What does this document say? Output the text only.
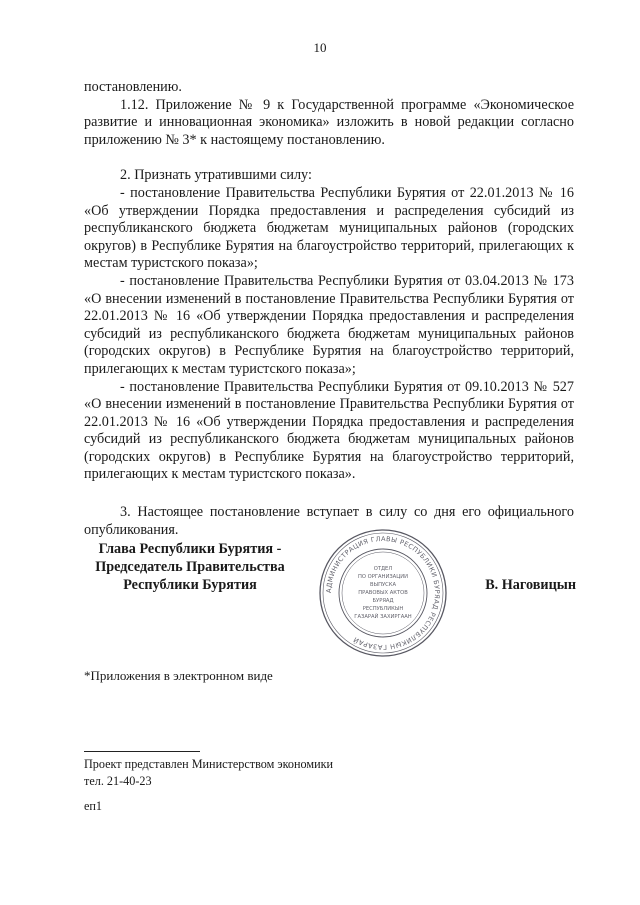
10

постановлению.

1.12. Приложение № 9 к Государственной программе «Экономическое развитие и инновационная экономика» изложить в новой редакции согласно приложению № 3* к настоящему постановлению.

2. Признать утратившими силу:

- постановление Правительства Республики Бурятия от 22.01.2013 № 16 «Об утверждении Порядка предоставления и распределения субсидий из республиканского бюджета бюджетам муниципальных районов (городских округов) в Республике Бурятия на благоустройство территорий, прилегающих к местам туристского показа»;

- постановление Правительства Республики Бурятия от 03.04.2013 № 173 «О внесении изменений в постановление Правительства Республики Бурятия от 22.01.2013 № 16 «Об утверждении Порядка предоставления и распределения субсидий из республиканского бюджета бюджетам муниципальных районов (городских округов) в Республике Бурятия на благоустройство территорий, прилегающих к местам туристского показа»;

- постановление Правительства Республики Бурятия от 09.10.2013 № 527 «О внесении изменений в постановление Правительства Республики Бурятия от 22.01.2013 № 16 «Об утверждении Порядка предоставления и распределения субсидий из республиканского бюджета бюджетам муниципальных районов (городских округов) в Республике Бурятия на благоустройство территорий, прилегающих к местам туристского показа».

3. Настоящее постановление вступает в силу со дня его официального опубликования.

Глава Республики Бурятия -
Председатель Правительства
Республики Бурятия	АДМИНИСТРАЦИЯ ГЛАВЫ РЕСПУБЛИКИ БУРЯАД РЕСПУБЛИКЫН ГАЗАРАЙ
ОТДЕЛ
ПО ОРГАНИЗАЦИИ
ВЫПУСКА
ПРАВОВЫХ АКТОВ
БУРЯАД
РЕСПУБЛИКЫН
ГАЗАРАЙ ЗАХИРГААН
В. Наговицын
*Приложения в электронном виде
Проект представлен Министерством экономики
тел. 21-40-23
еп1
